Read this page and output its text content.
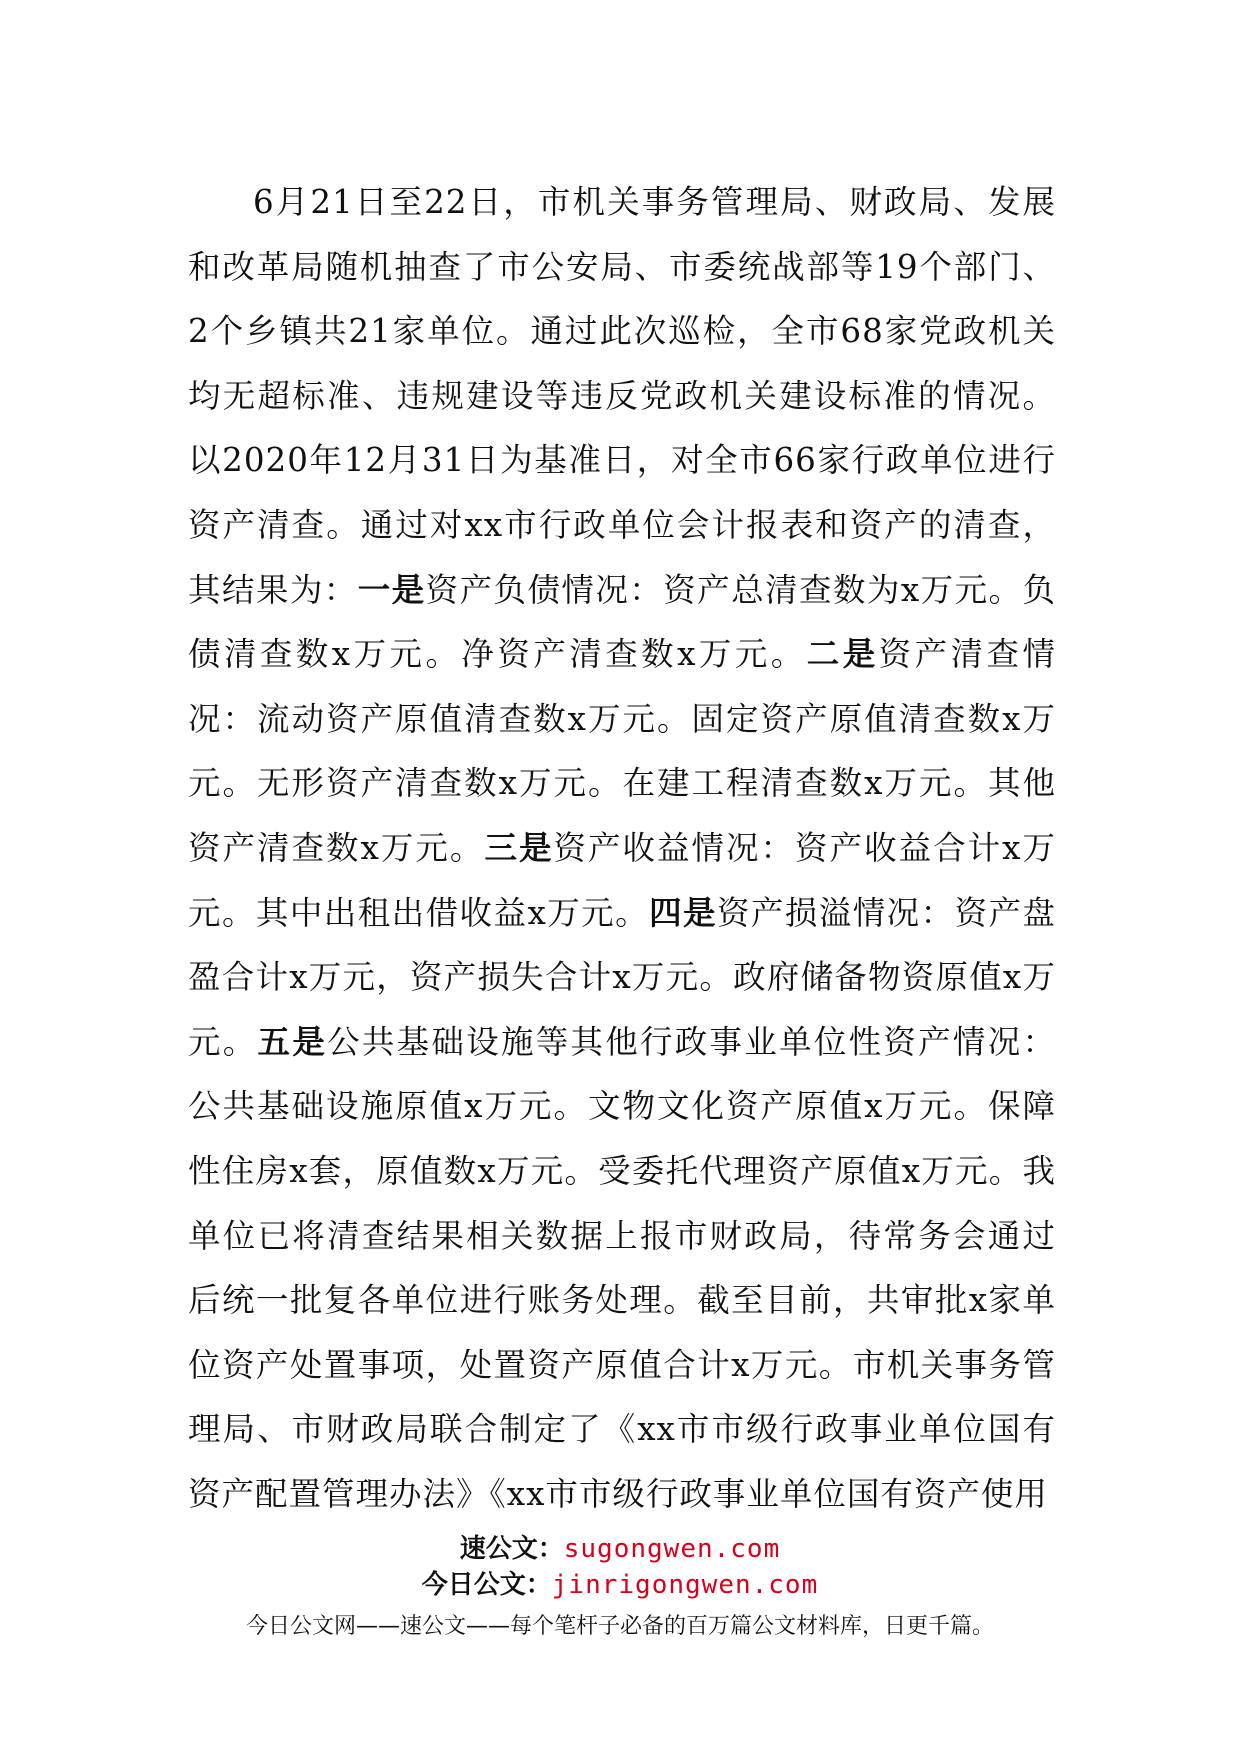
6月21日至22日，市机关事务管理局、财政局、发展和改革局随机抽查了市公安局、市委统战部等19个部门、2个乡镇共21家单位。通过此次巡检，全市68家党政机关均无超标准、违规建设等违反党政机关建设标准的情况。以2020年12月31日为基准日，对全市66家行政单位进行资产清查。通过对xx市行政单位会计报表和资产的清查，其结果为：一是资产负债情况：资产总清查数为x万元。负债清查数x万元。净资产清查数x万元。二是资产清查情况：流动资产原值清查数x万元。固定资产原值清查数x万元。无形资产清查数x万元。在建工程清查数x万元。其他资产清查数x万元。三是资产收益情况：资产收益合计x万元。其中出租出借收益x万元。四是资产损溢情况：资产盘盈合计x万元，资产损失合计x万元。政府储备物资原值x万元。五是公共基础设施等其他行政事业单位性资产情况：公共基础设施原值x万元。文物文化资产原值x万元。保障性住房x套，原值数x万元。受委托代理资产原值x万元。我单位已将清查结果相关数据上报市财政局，待常务会通过后统一批复各单位进行账务处理。截至目前，共审批x家单位资产处置事项，处置资产原值合计x万元。市机关事务管理局、市财政局联合制定了《xx市市级行政事业单位国有资产配置管理办法》《xx市市级行政事业单位国有资产使用

速公文：sugongwen.com
今日公文：jinrigongwen.com
今日公文网——速公文——每个笔杆子必备的百万篇公文材料库，日更千篇。
